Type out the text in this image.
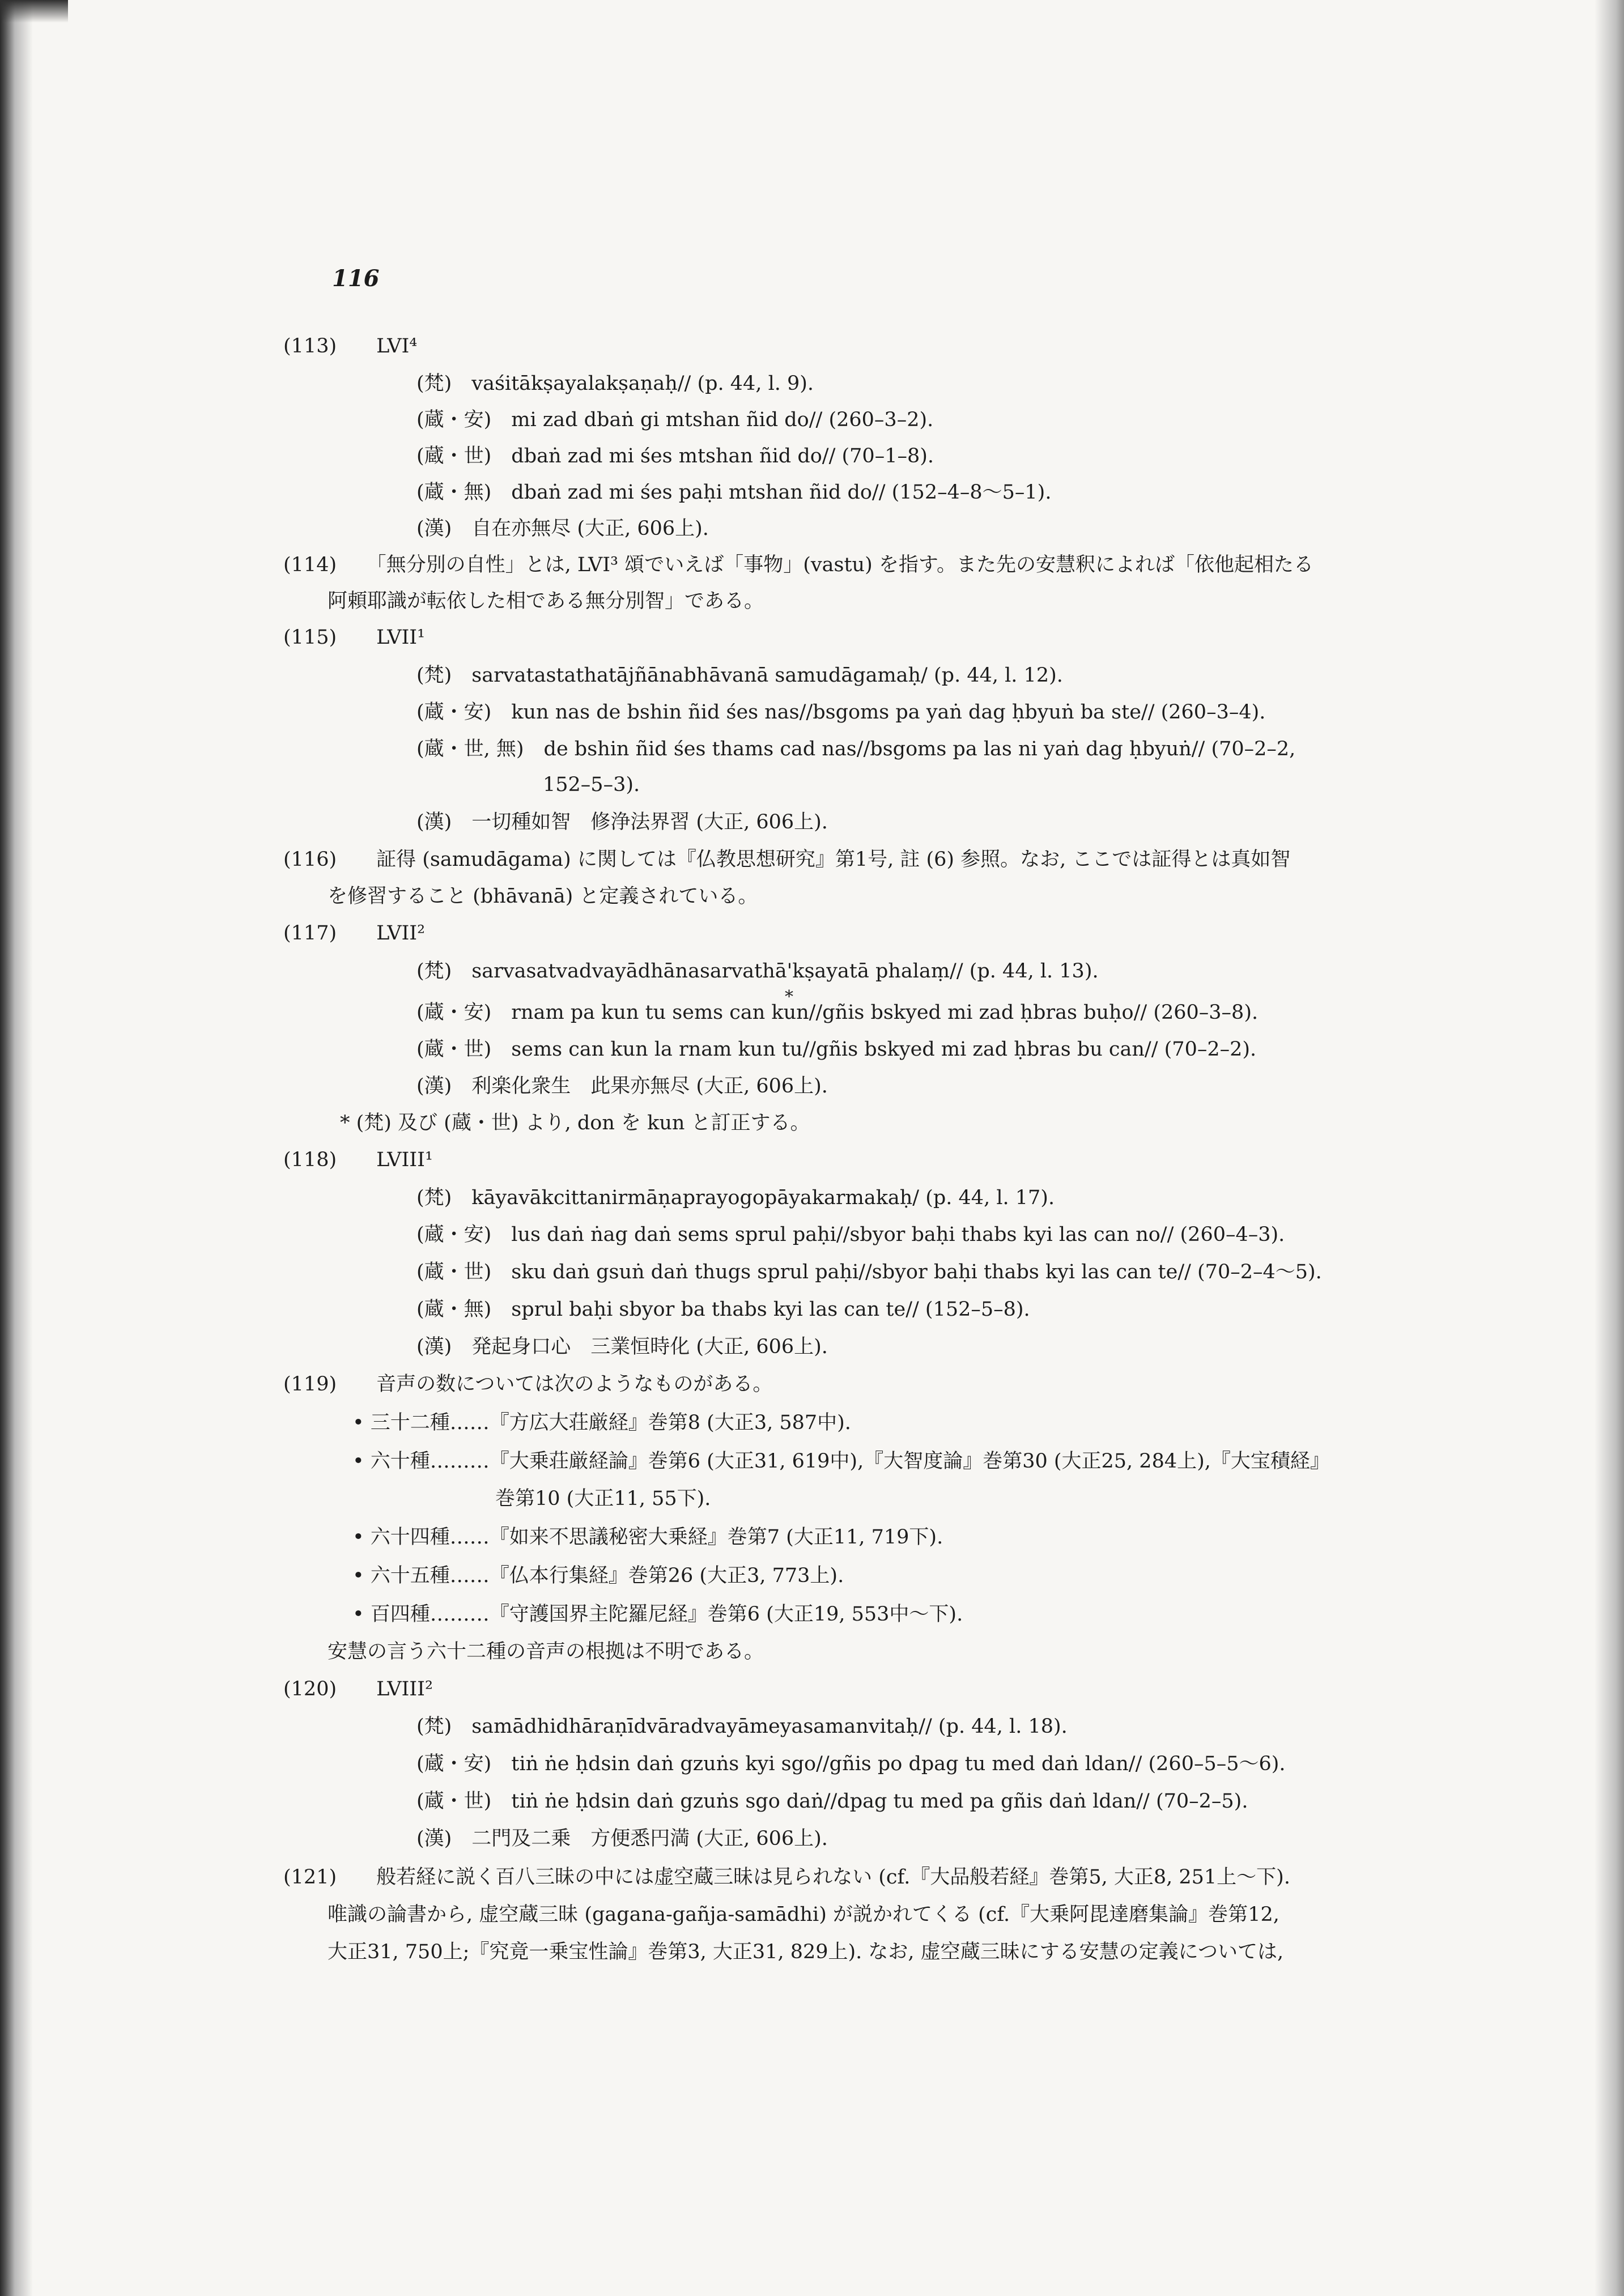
116
(113)　　LVI⁴
(梵)　vaśitākṣayalakṣaṇaḥ// (p. 44, l. 9).
(蔵・安)　mi zad dbaṅ gi mtshan ñid do// (260–3–2).
(蔵・世)　dbaṅ zad mi śes mtshan ñid do// (70–1–8).
(蔵・無)　dbaṅ zad mi śes paḥi mtshan ñid do// (152–4–8〜5–1).
(漢)　自在亦無尽 (大正, 606上).
(114)　　「無分別の自性」とは, LVI³ 頌でいえば「事物」(vastu) を指す。また先の安慧釈によれば「依他起相たる
阿頼耶識が転依した相である無分別智」である。
(115)　　LVII¹
(梵)　sarvatastathatājñānabhāvanā samudāgamaḥ/ (p. 44, l. 12).
(蔵・安)　kun nas de bshin ñid śes nas//bsgoms pa yaṅ dag ḥbyuṅ ba ste// (260–3–4).
(蔵・世, 無)　de bshin ñid śes thams cad nas//bsgoms pa las ni yaṅ dag ḥbyuṅ// (70–2–2,
152–5–3).
(漢)　一切種如智　修浄法界習 (大正, 606上).
(116)　　証得 (samudāgama) に関しては『仏教思想研究』第1号, 註 (6) 参照。なお, ここでは証得とは真如智
を修習すること (bhāvanā) と定義されている。
(117)　　LVII²
(梵)　sarvasatvadvayādhānasarvathā'kṣayatā phalaṃ// (p. 44, l. 13).
*
(蔵・安)　rnam pa kun tu sems can kun//gñis bskyed mi zad ḥbras buḥo// (260–3–8).
(蔵・世)　sems can kun la rnam kun tu//gñis bskyed mi zad ḥbras bu can// (70–2–2).
(漢)　利楽化衆生　此果亦無尽 (大正, 606上).
* (梵) 及び (蔵・世) より, don を kun と訂正する。
(118)　　LVIII¹
(梵)　kāyavākcittanirmāṇaprayogopāyakarmakaḥ/ (p. 44, l. 17).
(蔵・安)　lus daṅ ṅag daṅ sems sprul paḥi//sbyor baḥi thabs kyi las can no// (260–4–3).
(蔵・世)　sku daṅ gsuṅ daṅ thugs sprul paḥi//sbyor baḥi thabs kyi las can te// (70–2–4〜5).
(蔵・無)　sprul baḥi sbyor ba thabs kyi las can te// (152–5–8).
(漢)　発起身口心　三業恒時化 (大正, 606上).
(119)　　音声の数については次のようなものがある。
• 三十二種……『方広大荘厳経』巻第8 (大正3, 587中).
• 六十種………『大乗荘厳経論』巻第6 (大正31, 619中),『大智度論』巻第30 (大正25, 284上),『大宝積経』
巻第10 (大正11, 55下).
• 六十四種……『如来不思議秘密大乗経』巻第7 (大正11, 719下).
• 六十五種……『仏本行集経』巻第26 (大正3, 773上).
• 百四種………『守護国界主陀羅尼経』巻第6 (大正19, 553中〜下).
安慧の言う六十二種の音声の根拠は不明である。
(120)　　LVIII²
(梵)　samādhidhāraṇīdvāradvayāmeyasamanvitaḥ// (p. 44, l. 18).
(蔵・安)　tiṅ ṅe ḥdsin daṅ gzuṅs kyi sgo//gñis po dpag tu med daṅ ldan// (260–5–5〜6).
(蔵・世)　tiṅ ṅe ḥdsin daṅ gzuṅs sgo daṅ//dpag tu med pa gñis daṅ ldan// (70–2–5).
(漢)　二門及二乗　方便悉円満 (大正, 606上).
(121)　　般若経に説く百八三昧の中には虚空蔵三昧は見られない (cf.『大品般若経』巻第5, 大正8, 251上〜下).
唯識の論書から, 虚空蔵三昧 (gagana-gañja-samādhi) が説かれてくる (cf.『大乗阿毘達磨集論』巻第12,
大正31, 750上;『究竟一乗宝性論』巻第3, 大正31, 829上). なお, 虚空蔵三昧にする安慧の定義については,
